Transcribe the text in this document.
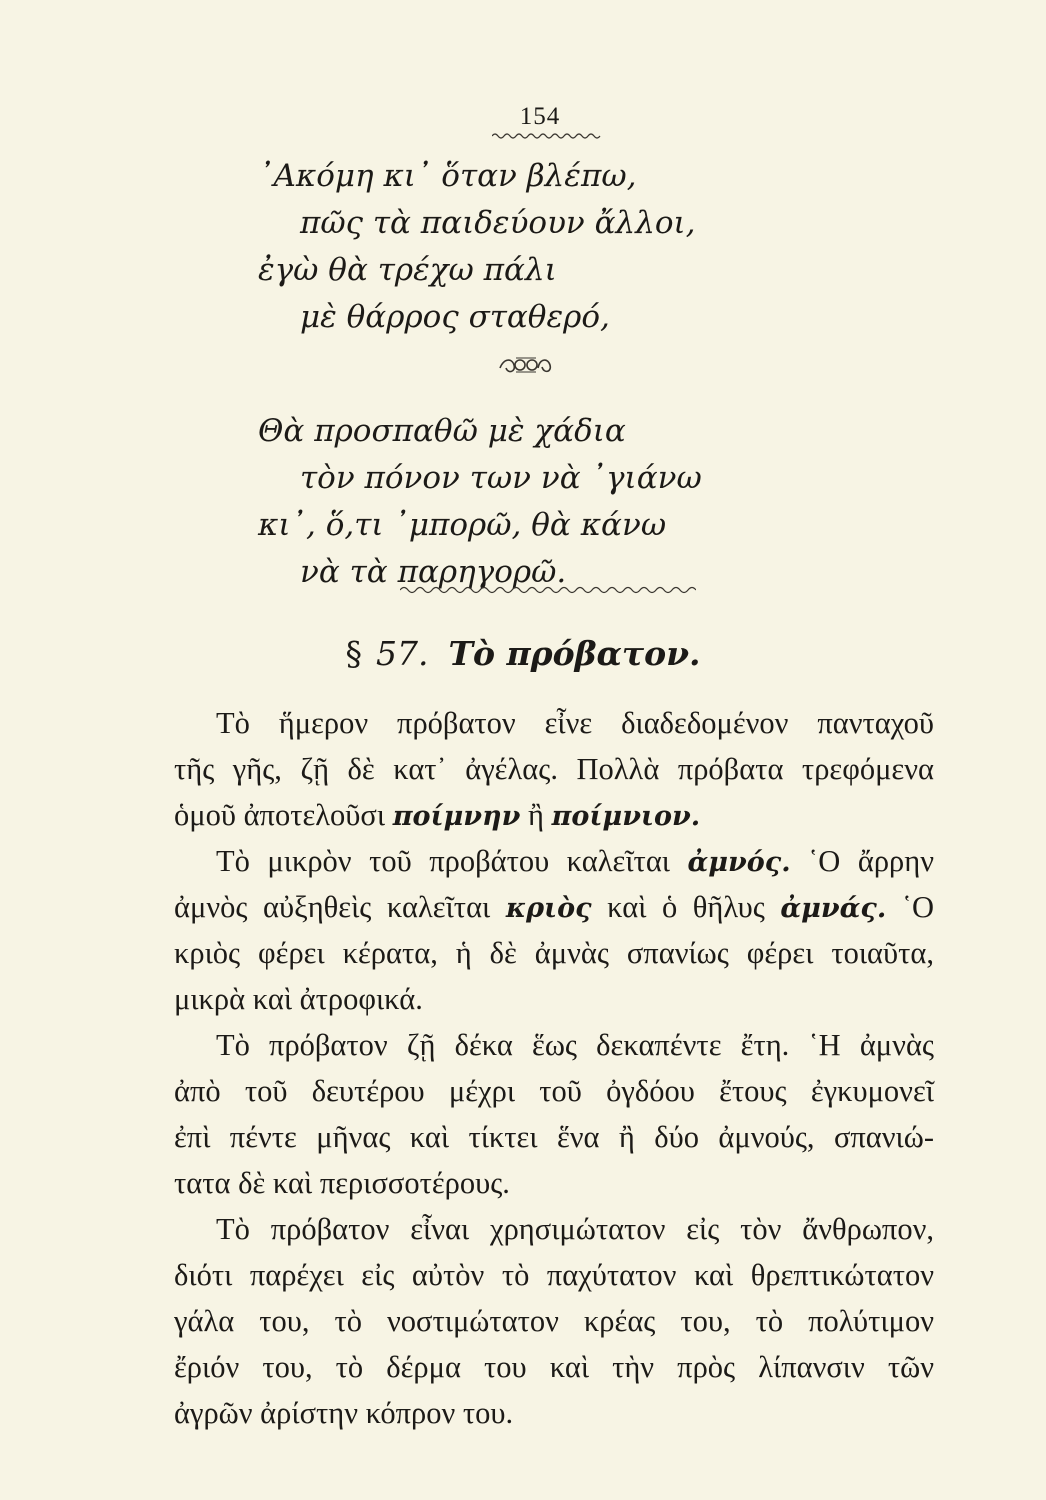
154
᾿Ακόμη κι᾽ ὅταν βλέπω,
πῶς τὰ παιδεύουν ἄλλοι,
ἐγὼ θὰ τρέχω πάλι
μὲ θάρρος σταθερό,
Θὰ προσπαθῶ μὲ χάδια
τὸν πόνον των νὰ ᾿γιάνω
κι᾽, ὅ,τι ᾿μπορῶ, θὰ κάνω
νὰ τὰ παρηγορῶ.
§ 57. Τὸ πρόβατον.
Τὸ ἥμερον πρόβατον εἶνε διαδεδομένον πανταχοῦ
τῆς γῆς, ζῇ δὲ κατ᾽ ἀγέλας. Πολλὰ πρόβατα τρεφόμενα
ὁμοῦ ἀποτελοῦσι ποίμνην ἢ ποίμνιον.
Τὸ μικρὸν τοῦ προβάτου καλεῖται ἀμνός. ῾Ο ἄρρην
ἀμνὸς αὐξηθεὶς καλεῖται κριὸς καὶ ὁ θῆλυς ἀμνάς. ῾Ο
κριὸς φέρει κέρατα, ἡ δὲ ἀμνὰς σπανίως φέρει τοιαῦτα,
μικρὰ καὶ ἀτροφικά.
Τὸ πρόβατον ζῇ δέκα ἕως δεκαπέντε ἔτη. ῾Η ἀμνὰς
ἀπὸ τοῦ δευτέρου μέχρι τοῦ ὀγδόου ἔτους ἐγκυμονεῖ
ἐπὶ πέντε μῆνας καὶ τίκτει ἕνα ἢ δύο ἀμνούς, σπανιώ-
τατα δὲ καὶ περισσοτέρους.
Τὸ πρόβατον εἶναι χρησιμώτατον εἰς τὸν ἄνθρωπον,
διότι παρέχει εἰς αὐτὸν τὸ παχύτατον καὶ θρεπτικώτατον
γάλα του, τὸ νοστιμώτατον κρέας του, τὸ πολύτιμον
ἔριόν του, τὸ δέρμα του καὶ τὴν πρὸς λίπανσιν τῶν
ἀγρῶν ἀρίστην κόπρον του.
